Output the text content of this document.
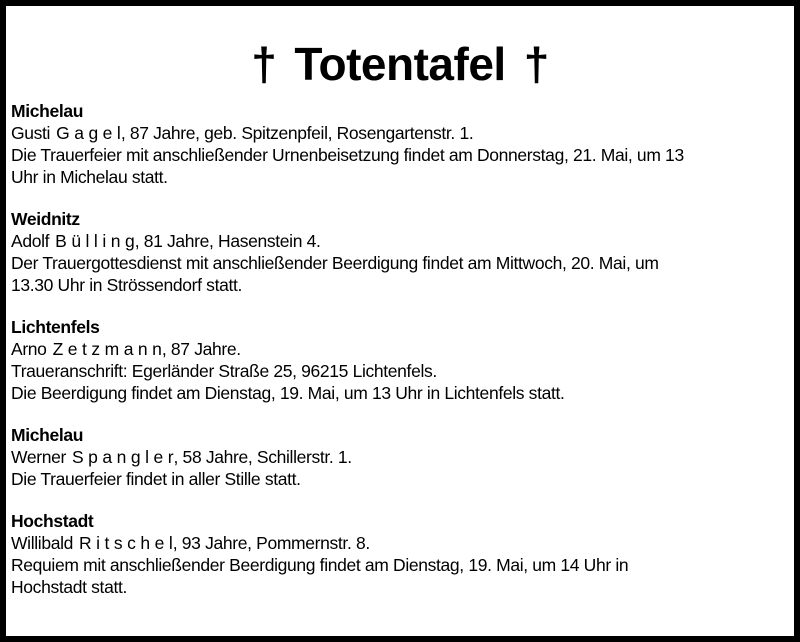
† Totentafel †
Michelau
Gusti Gagel, 87 Jahre, geb. Spitzenpfeil, Rosengartenstr. 1.
Die Trauerfeier mit anschließender Urnenbeisetzung findet am Donnerstag, 21. Mai, um 13
Uhr in Michelau statt.
Weidnitz
Adolf Bülling, 81 Jahre, Hasenstein 4.
Der Trauergottesdienst mit anschließender Beerdigung findet am Mittwoch, 20. Mai, um
13.30 Uhr in Strössendorf statt.
Lichtenfels
Arno Zetzmann, 87 Jahre.
Traueranschrift: Egerländer Straße 25, 96215 Lichtenfels.
Die Beerdigung findet am Dienstag, 19. Mai, um 13 Uhr in Lichtenfels statt.
Michelau
Werner Spangler, 58 Jahre, Schillerstr. 1.
Die Trauerfeier findet in aller Stille statt.
Hochstadt
Willibald Ritschel, 93 Jahre, Pommernstr. 8.
Requiem mit anschließender Beerdigung findet am Dienstag, 19. Mai, um 14 Uhr in
Hochstadt statt.
